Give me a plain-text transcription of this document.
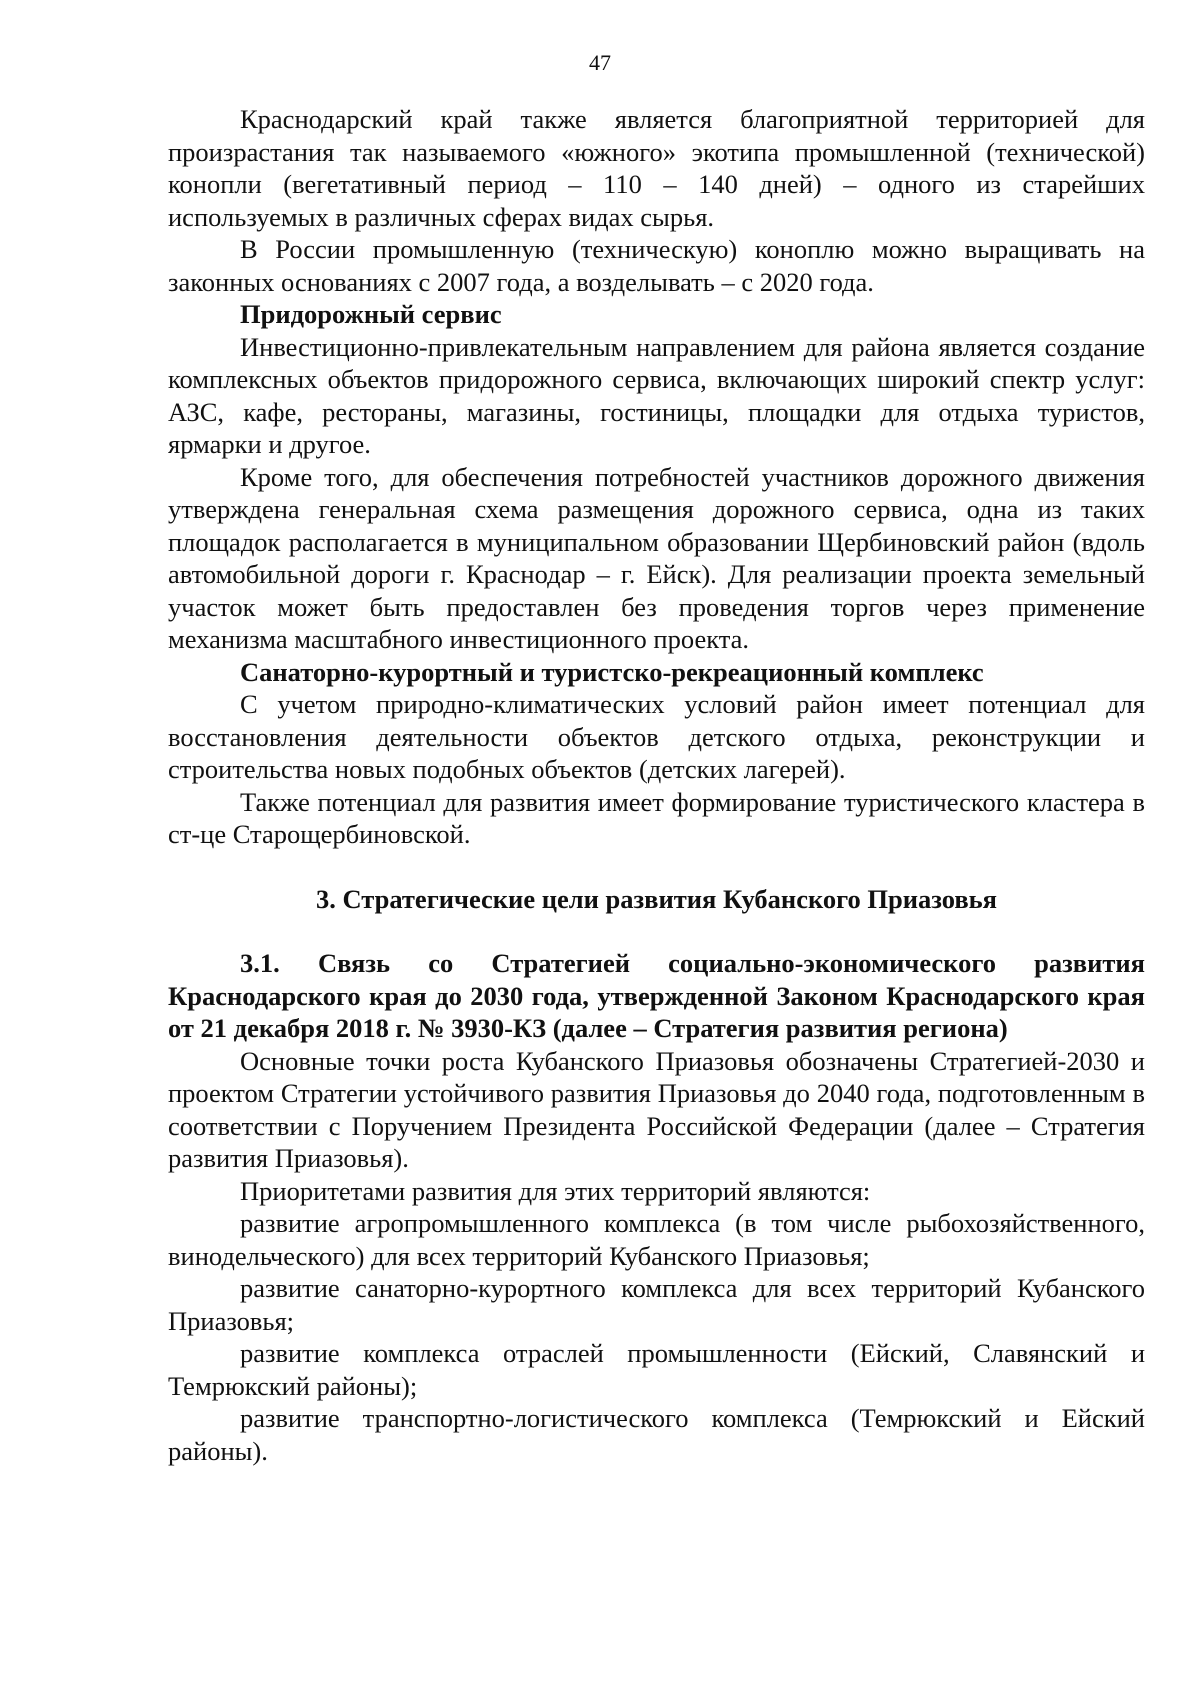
47

Краснодарский край также является благоприятной территорией для произрастания так называемого «южного» экотипа промышленной (технической) конопли (вегетативный период – 110 – 140 дней) – одного из старейших используемых в различных сферах видах сырья.

В России промышленную (техническую) коноплю можно выращивать на законных основаниях с 2007 года, а возделывать – с 2020 года.

Придорожный сервис

Инвестиционно-привлекательным направлением для района является создание комплексных объектов придорожного сервиса, включающих широкий спектр услуг: АЗС, кафе, рестораны, магазины, гостиницы, площадки для отдыха туристов, ярмарки и другое.

Кроме того, для обеспечения потребностей участников дорожного движения утверждена генеральная схема размещения дорожного сервиса, одна из таких площадок располагается в муниципальном образовании Щербиновский район (вдоль автомобильной дороги г. Краснодар – г. Ейск). Для реализации проекта земельный участок может быть предоставлен без проведения торгов через применение механизма масштабного инвестиционного проекта.

Санаторно-курортный и туристско-рекреационный комплекс

С учетом природно-климатических условий район имеет потенциал для восстановления деятельности объектов детского отдыха, реконструкции и строительства новых подобных объектов (детских лагерей).

Также потенциал для развития имеет формирование туристического кластера в ст-це Старощербиновской.

3. Стратегические цели развития Кубанского Приазовья

3.1. Связь со Стратегией социально-экономического развития Краснодарского края до 2030 года, утвержденной Законом Краснодарского края от 21 декабря 2018 г. № 3930-КЗ (далее – Стратегия развития региона)

Основные точки роста Кубанского Приазовья обозначены Стратегией-2030 и проектом Стратегии устойчивого развития Приазовья до 2040 года, подготовленным в соответствии с Поручением Президента Российской Федерации (далее – Стратегия развития Приазовья).

Приоритетами развития для этих территорий являются:

развитие агропромышленного комплекса (в том числе рыбохозяйственного, винодельческого) для всех территорий Кубанского Приазовья;

развитие санаторно-курортного комплекса для всех территорий Кубанского Приазовья;

развитие комплекса отраслей промышленности (Ейский, Славянский и Темрюкский районы);

развитие транспортно-логистического комплекса (Темрюкский и Ейский районы).
